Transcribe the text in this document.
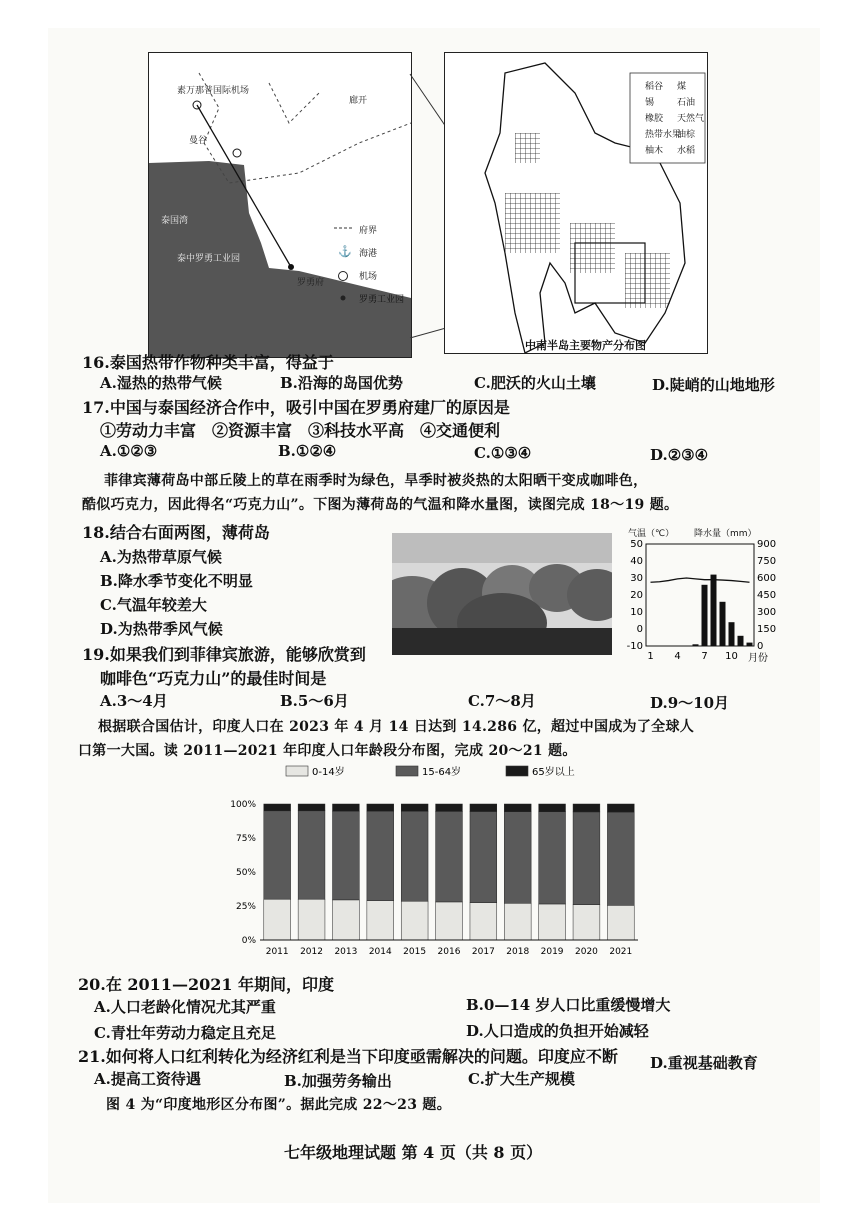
⚓
素万那普国际机场
曼谷
廊开
泰国湾
泰中罗勇工业园
罗勇府
府界
海港
机场
罗勇工业园
稻谷 煤
锡	石油
橡胶 天然气
热带水果
油棕
柚木 水稻
中南半岛主要物产分布图
16.泰国热带作物种类丰富，得益于
A.湿热的热带气候	B.沿海的岛国优势	C.肥沃的火山土壤	D.陡峭的山地地形
17.中国与泰国经济合作中，吸引中国在罗勇府建厂的原因是
①劳动力丰富　②资源丰富　③科技水平高　④交通便利
A.①②③	B.①②④	C.①③④	D.②③④
菲律宾薄荷岛中部丘陵上的草在雨季时为绿色，旱季时被炎热的太阳晒干变成咖啡色，
酷似巧克力，因此得名“巧克力山”。下图为薄荷岛的气温和降水量图，读图完成 18～19 题。
18.结合右面两图，薄荷岛
A.为热带草原气候
B.降水季节变化不明显
C.气温年较差大
D.为热带季风气候
气温（℃） 降水量（mm）
50
40
30
20
10
0
-10
900
750
600
450
300
150
0
1 4 7 10 月份
19.如果我们到菲律宾旅游，能够欣赏到
咖啡色“巧克力山”的最佳时间是
A.3～4月	B.5～6月	C.7～8月	D.9～10月
根据联合国估计，印度人口在 2023 年 4 月 14 日达到 14.286 亿，超过中国成为了全球人
口第一大国。读 2011—2021 年印度人口年龄段分布图，完成 20～21 题。
0-14岁	15-64岁	65岁以上
100%
75%
50%
25%
0%
2011 2012 2013 2014 2015 2016 2017 2018 2019 2020 2021
20.在 2011—2021 年期间，印度
A.人口老龄化情况尤其严重	B.0—14 岁人口比重缓慢增大
C.青壮年劳动力稳定且充足	D.人口造成的负担开始减轻
21.如何将人口红利转化为经济红利是当下印度亟需解决的问题。印度应不断
A.提高工资待遇	B.加强劳务输出	C.扩大生产规模
D.重视基础教育
图 4 为“印度地形区分布图”。据此完成 22～23 题。
七年级地理试题 第 4 页（共 8 页）
